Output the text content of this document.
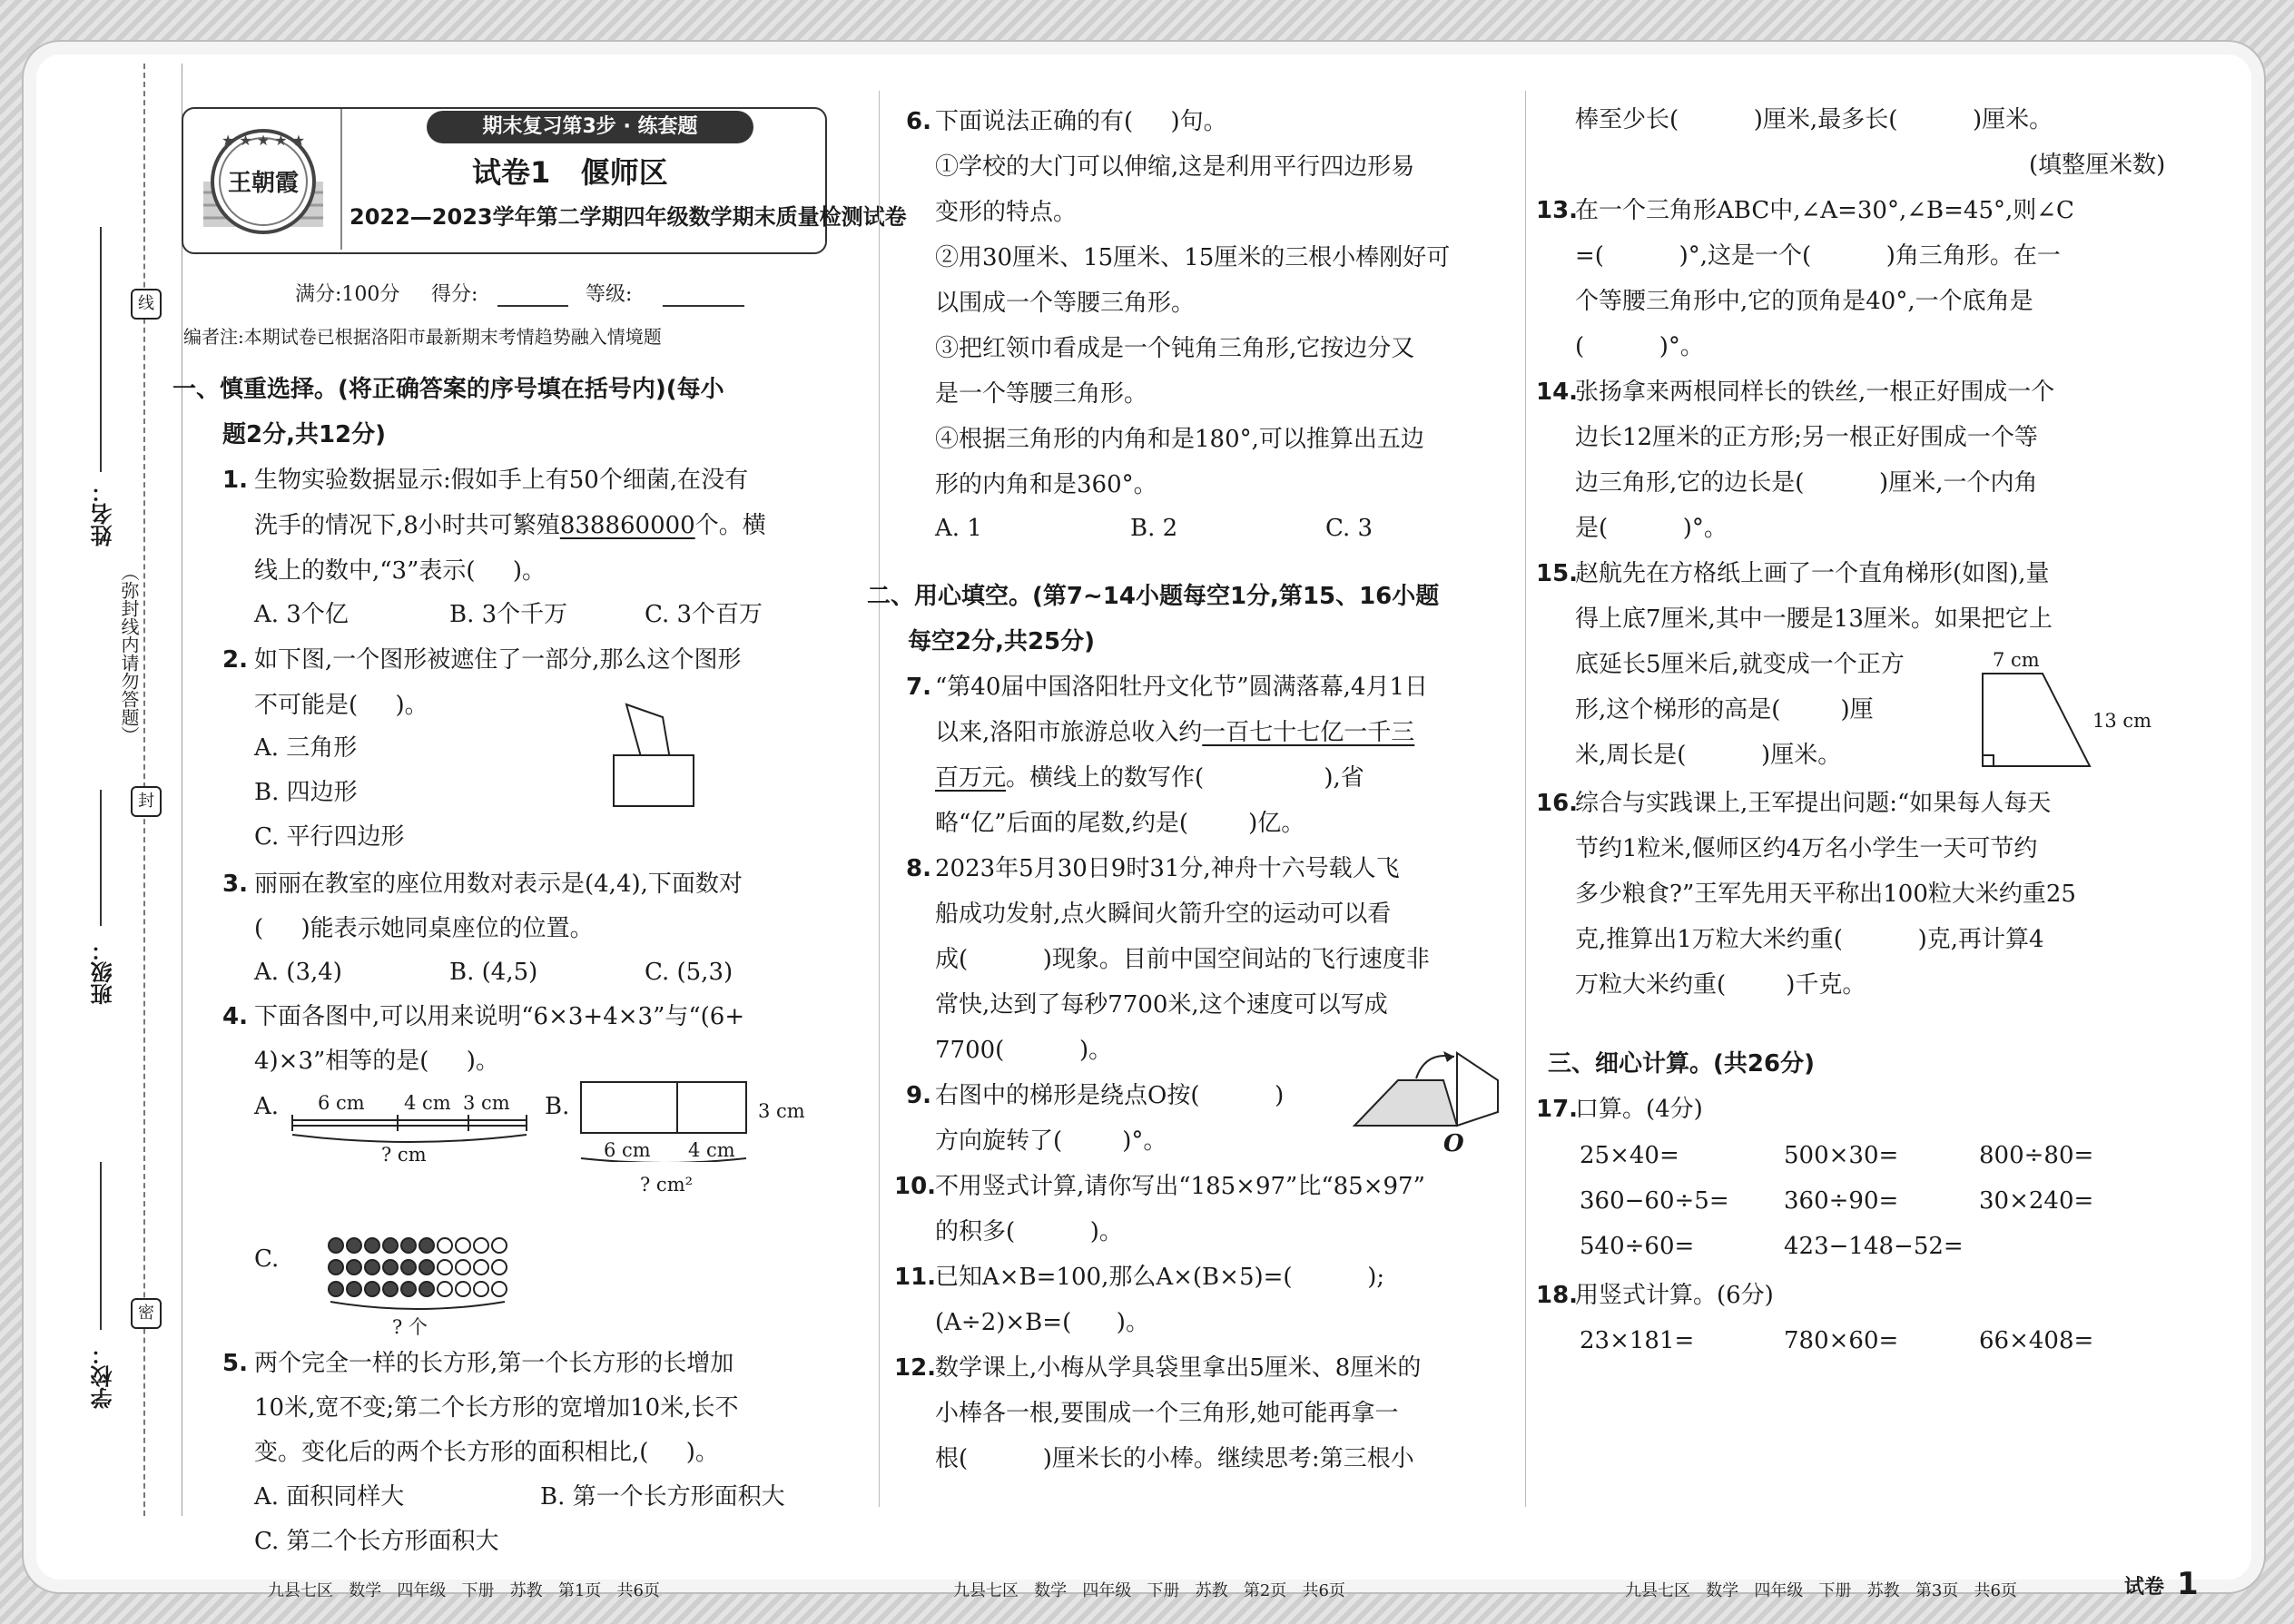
线
封
密
（弥封线内请勿答题）
姓名：
班级：
学校：
★ ★ ★ ★ ★
王朝霞
期末复习第3步 · 练套题
试卷1   偃师区
2022—2023学年第二学期四年级数学期末质量检测试卷
满分:100分 得分:	等级:
编者注:本期试卷已根据洛阳市最新期末考情趋势融入情境题
一、慎重选择。(将正确答案的序号填在括号内)(每小
题2分,共12分)
1. 生物实验数据显示:假如手上有50个细菌,在没有
洗手的情况下,8小时共可繁殖838860000个。横
线上的数中,“3”表示(     )。
A. 3个亿	B. 3个千万	C. 3个百万
2. 如下图,一个图形被遮住了一部分,那么这个图形
不可能是(     )。
A. 三角形
B. 四边形
C. 平行四边形
3. 丽丽在教室的座位用数对表示是(4,4),下面数对
(     )能表示她同桌座位的位置。
A. (3,4)	B. (4,5)	C. (5,3)
4. 下面各图中,可以用来说明“6×3+4×3”与“(6+
4)×3”相等的是(     )。
A. 6 cm 4 cm 3 cm
? cm
B.	3 cm
6 cm 4 cm
? cm²
C.
? 个
5. 两个完全一样的长方形,第一个长方形的长增加
10米,宽不变;第二个长方形的宽增加10米,长不
变。变化后的两个长方形的面积相比,(     )。
A. 面积同样大	B. 第一个长方形面积大
C. 第二个长方形面积大
6. 下面说法正确的有(     )句。
①学校的大门可以伸缩,这是利用平行四边形易
变形的特点。
②用30厘米、15厘米、15厘米的三根小棒刚好可
以围成一个等腰三角形。
③把红领巾看成是一个钝角三角形,它按边分又
是一个等腰三角形。
④根据三角形的内角和是180°,可以推算出五边
形的内角和是360°。
A. 1	B. 2	C. 3
二、用心填空。(第7~14小题每空1分,第15、16小题
每空2分,共25分)
7. “第40届中国洛阳牡丹文化节”圆满落幕,4月1日
以来,洛阳市旅游总收入约一百七十七亿一千三
百万元。横线上的数写作(                ),省
略“亿”后面的尾数,约是(        )亿。
8. 2023年5月30日9时31分,神舟十六号载人飞
船成功发射,点火瞬间火箭升空的运动可以看
成(          )现象。目前中国空间站的飞行速度非
常快,达到了每秒7700米,这个速度可以写成
7700(          )。
9. 右图中的梯形是绕点O按(          )
方向旋转了(        )°。	O
10.
不用竖式计算,请你写出“185×97”比“85×97”
的积多(          )。
11.
已知A×B=100,那么A×(B×5)=(          );
(A÷2)×B=(      )。
12.
数学课上,小梅从学具袋里拿出5厘米、8厘米的
小棒各一根,要围成一个三角形,她可能再拿一
根(          )厘米长的小棒。继续思考:第三根小
棒至少长(          )厘米,最多长(          )厘米。
(填整厘米数)
13.
在一个三角形ABC中,∠A=30°,∠B=45°,则∠C
=(          )°,这是一个(          )角三角形。在一
个等腰三角形中,它的顶角是40°,一个底角是
(          )°。
14.
张扬拿来两根同样长的铁丝,一根正好围成一个
边长12厘米的正方形;另一根正好围成一个等
边三角形,它的边长是(          )厘米,一个内角
是(          )°。
15.
赵航先在方格纸上画了一个直角梯形(如图),量
得上底7厘米,其中一腰是13厘米。如果把它上
底延长5厘米后,就变成一个正方
形,这个梯形的高是(        )厘
米,周长是(          )厘米。
7 cm
13 cm
16.
综合与实践课上,王军提出问题:“如果每人每天
节约1粒米,偃师区约4万名小学生一天可节约
多少粮食?”王军先用天平称出100粒大米约重25
克,推算出1万粒大米约重(          )克,再计算4
万粒大米约重(        )千克。
三、细心计算。(共26分)
17.
口算。(4分)
25×40=	500×30=	800÷80=
360−60÷5= 360÷90=	30×240=
540÷60=	423−148−52=
18.
用竖式计算。(6分)
23×181=	780×60=	66×408=
九县七区   数学   四年级   下册   苏教   第1页   共6页	九县七区   数学   四年级   下册   苏教   第2页   共6页	九县七区   数学   四年级   下册   苏教   第3页   共6页	试卷 1
